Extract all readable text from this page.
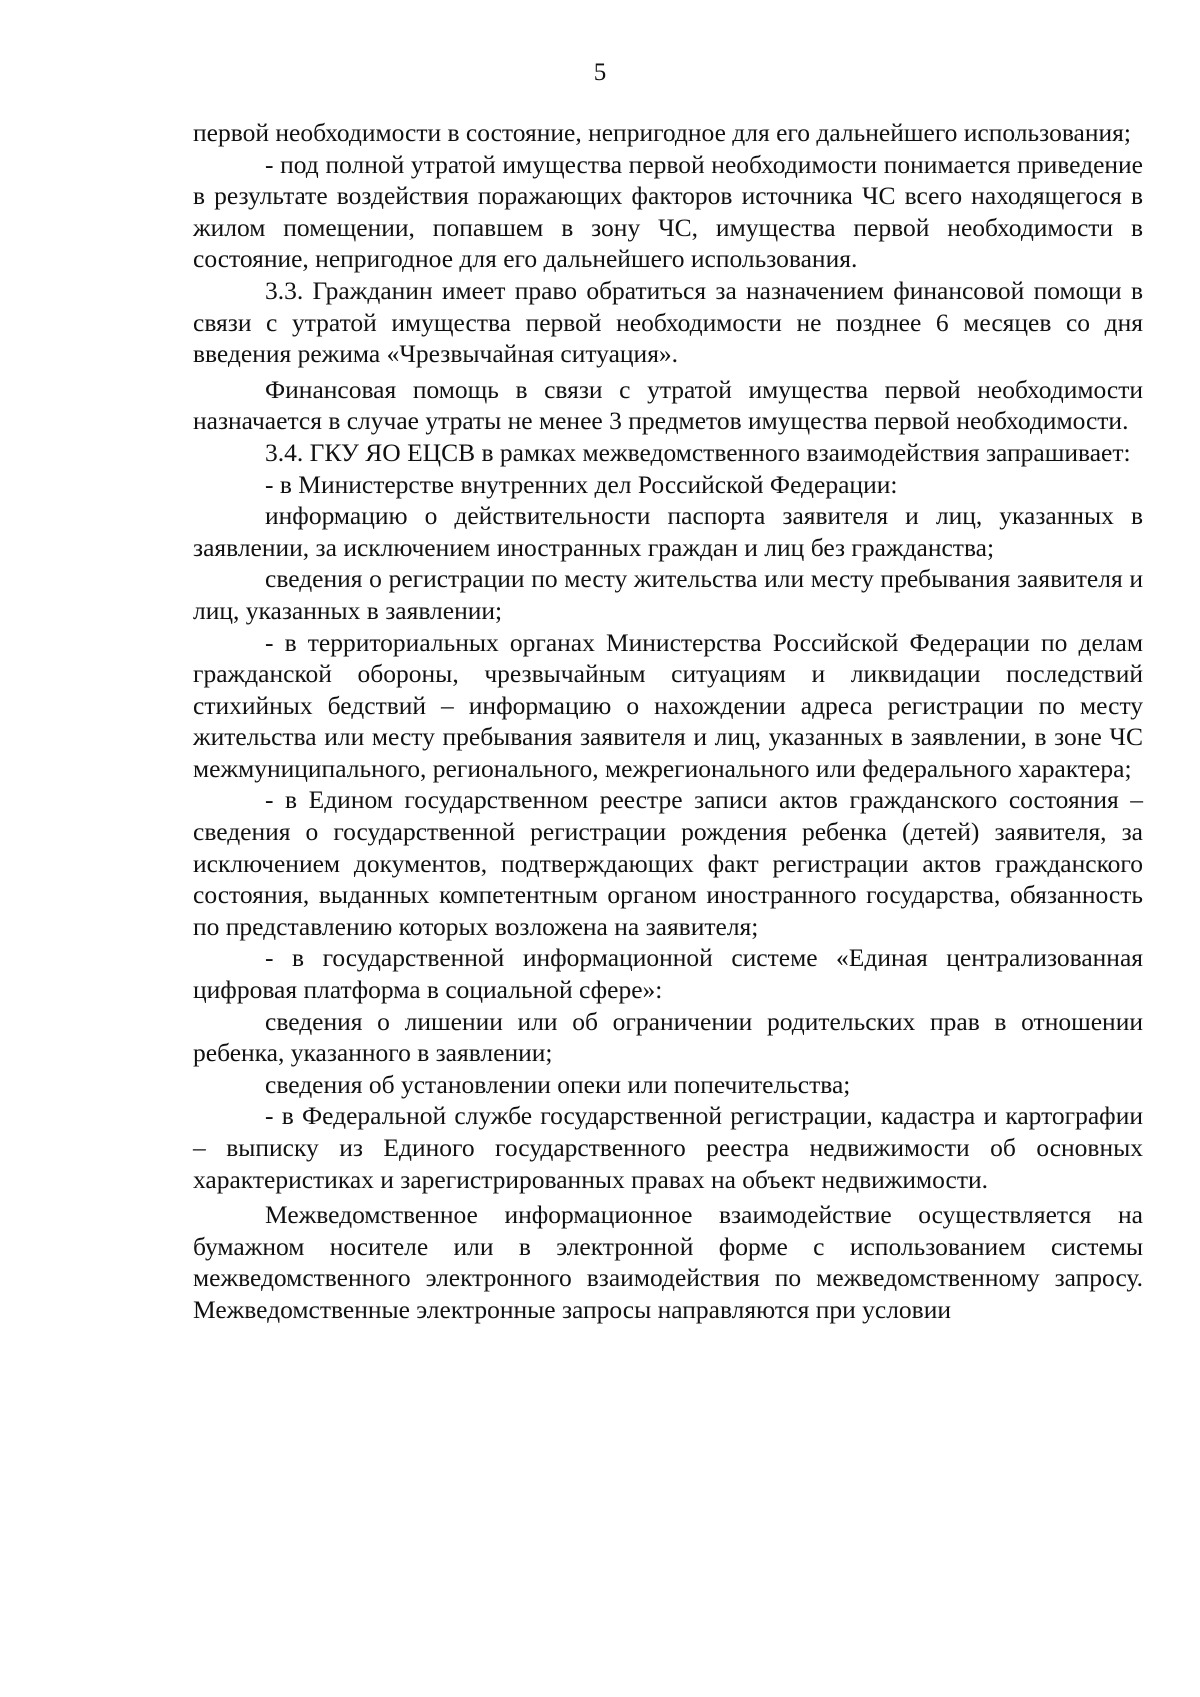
5

первой необходимости в состояние, непригодное для его дальнейшего использования;

- под полной утратой имущества первой необходимости понимается приведение в результате воздействия поражающих факторов источника ЧС всего находящегося в жилом помещении, попавшем в зону ЧС, имущества первой необходимости в состояние, непригодное для его дальнейшего использования.

3.3. Гражданин имеет право обратиться за назначением финансовой помощи в связи с утратой имущества первой необходимости не позднее 6 месяцев со дня введения режима «Чрезвычайная ситуация».

Финансовая помощь в связи с утратой имущества первой необходимости назначается в случае утраты не менее 3 предметов имущества первой необходимости.

3.4. ГКУ ЯО ЕЦСВ в рамках межведомственного взаимодействия запрашивает:

- в Министерстве внутренних дел Российской Федерации:

информацию о действительности паспорта заявителя и лиц, указанных в заявлении, за исключением иностранных граждан и лиц без гражданства;

сведения о регистрации по месту жительства или месту пребывания заявителя и лиц, указанных в заявлении;

- в территориальных органах Министерства Российской Федерации по делам гражданской обороны, чрезвычайным ситуациям и ликвидации последствий стихийных бедствий – информацию о нахождении адреса регистрации по месту жительства или месту пребывания заявителя и лиц, указанных в заявлении, в зоне ЧС межмуниципального, регионального, межрегионального или федерального характера;

- в Едином государственном реестре записи актов гражданского состояния – сведения о государственной регистрации рождения ребенка (детей) заявителя, за исключением документов, подтверждающих факт регистрации актов гражданского состояния, выданных компетентным органом иностранного государства, обязанность по представлению которых возложена на заявителя;

- в государственной информационной системе «Единая централизованная цифровая платформа в социальной сфере»:

сведения о лишении или об ограничении родительских прав в отношении ребенка, указанного в заявлении;

сведения об установлении опеки или попечительства;

- в Федеральной службе государственной регистрации, кадастра и картографии – выписку из Единого государственного реестра недвижимости об основных характеристиках и зарегистрированных правах на объект недвижимости.

Межведомственное информационное взаимодействие осуществляется на бумажном носителе или в электронной форме с использованием системы межведомственного электронного взаимодействия по межведомственному запросу. Межведомственные электронные запросы направляются при условии
